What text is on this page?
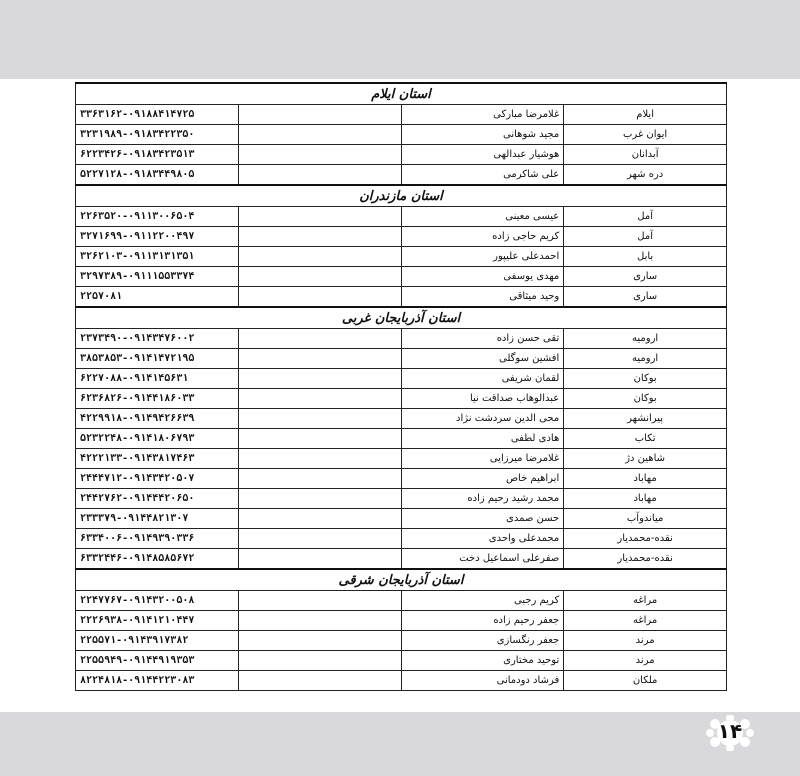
استان ایلام			
ایلام	غلامرضا مبارکی		۳۳۶۳۱۶۲-۰۹۱۸۸۴۱۴۷۲۵
ایوان غرب	مجید شوهانی		۳۲۳۱۹۸۹-۰۹۱۸۳۴۲۲۳۵۰
آبدانان	هوشیار عبدالهی		۶۲۲۳۴۲۶-۰۹۱۸۳۴۲۳۵۱۳
دره شهر	علی شاکرمی		۵۲۲۷۱۲۸-۰۹۱۸۳۴۴۹۸۰۵
استان مازندران			
آمل	عیسی معینی		۲۲۶۳۵۲۰-۰۹۱۱۳۰۰۶۵۰۴
آمل	کریم حاجی زاده		۳۲۷۱۶۹۹-۰۹۱۱۲۲۰۰۴۹۷
بابل	احمدعلی علیپور		۳۲۶۲۱۰۳-۰۹۱۱۳۱۳۱۳۵۱
ساری	مهدی یوسفی		۳۲۹۷۳۸۹-۰۹۱۱۱۵۵۳۳۷۴
ساری	وحید میثاقی		۲۲۵۷۰۸۱
استان آذربایجان غربی			
ارومیه	تقی حسن زاده		۲۳۷۳۴۹۰-۰۹۱۴۳۴۷۶۰۰۲
ارومیه	افشین سوگلی		۳۸۵۳۸۵۳-۰۹۱۴۱۴۷۲۱۹۵
بوکان	لقمان شریفی		۶۲۲۷۰۸۸-۰۹۱۴۱۴۵۶۳۱
بوکان	عبدالوهاب صداقت نیا		۶۲۳۶۸۲۶-۰۹۱۴۴۱۸۶۰۳۳
پیرانشهر	محی الدین سردشت نژاد		۴۲۲۹۹۱۸-۰۹۱۴۹۴۲۶۶۳۹
تکاب	هادی لطفی		۵۲۳۲۲۴۸-۰۹۱۴۱۸۰۶۷۹۳
شاهین دژ	غلامرضا میرزایی		۴۲۲۲۱۳۳-۰۹۱۴۳۸۱۷۴۶۳
مهاباد	ابراهیم خاص		۲۴۴۴۷۱۲-۰۹۱۴۳۴۲۰۵۰۷
مهاباد	محمد رشید رحیم زاده		۲۴۴۲۷۶۲-۰۹۱۴۴۴۲۰۶۵۰
میاندوآب	حسن صمدی		۲۳۳۳۷۹-۰۹۱۴۴۸۲۱۳۰۷
نقده-محمدیار	محمدعلی واحدی		۶۳۳۴۰۰۶-۰۹۱۴۹۳۹۰۳۳۶
نقده-محمدیار	صفرعلی اسماعیل دخت		۶۳۳۲۴۴۶-۰۹۱۴۸۵۸۵۶۷۲
استان آذربایجان شرقی			
مراغه	کریم رجبی		۲۲۴۷۷۶۷-۰۹۱۴۳۲۰۰۵۰۸
مراغه	جعفر رحیم زاده		۲۲۲۶۹۳۸-۰۹۱۴۱۲۱۰۴۴۷
مرند	جعفر رنگسازی		۲۲۵۵۷۱-۰۹۱۴۳۹۱۷۳۸۲
مرند	توحید مختاری		۲۲۵۵۹۴۹-۰۹۱۴۴۹۱۹۳۵۳
ملکان	فرشاد دودمانی		۸۲۲۴۸۱۸-۰۹۱۴۴۲۲۳۰۸۳
۱۴
